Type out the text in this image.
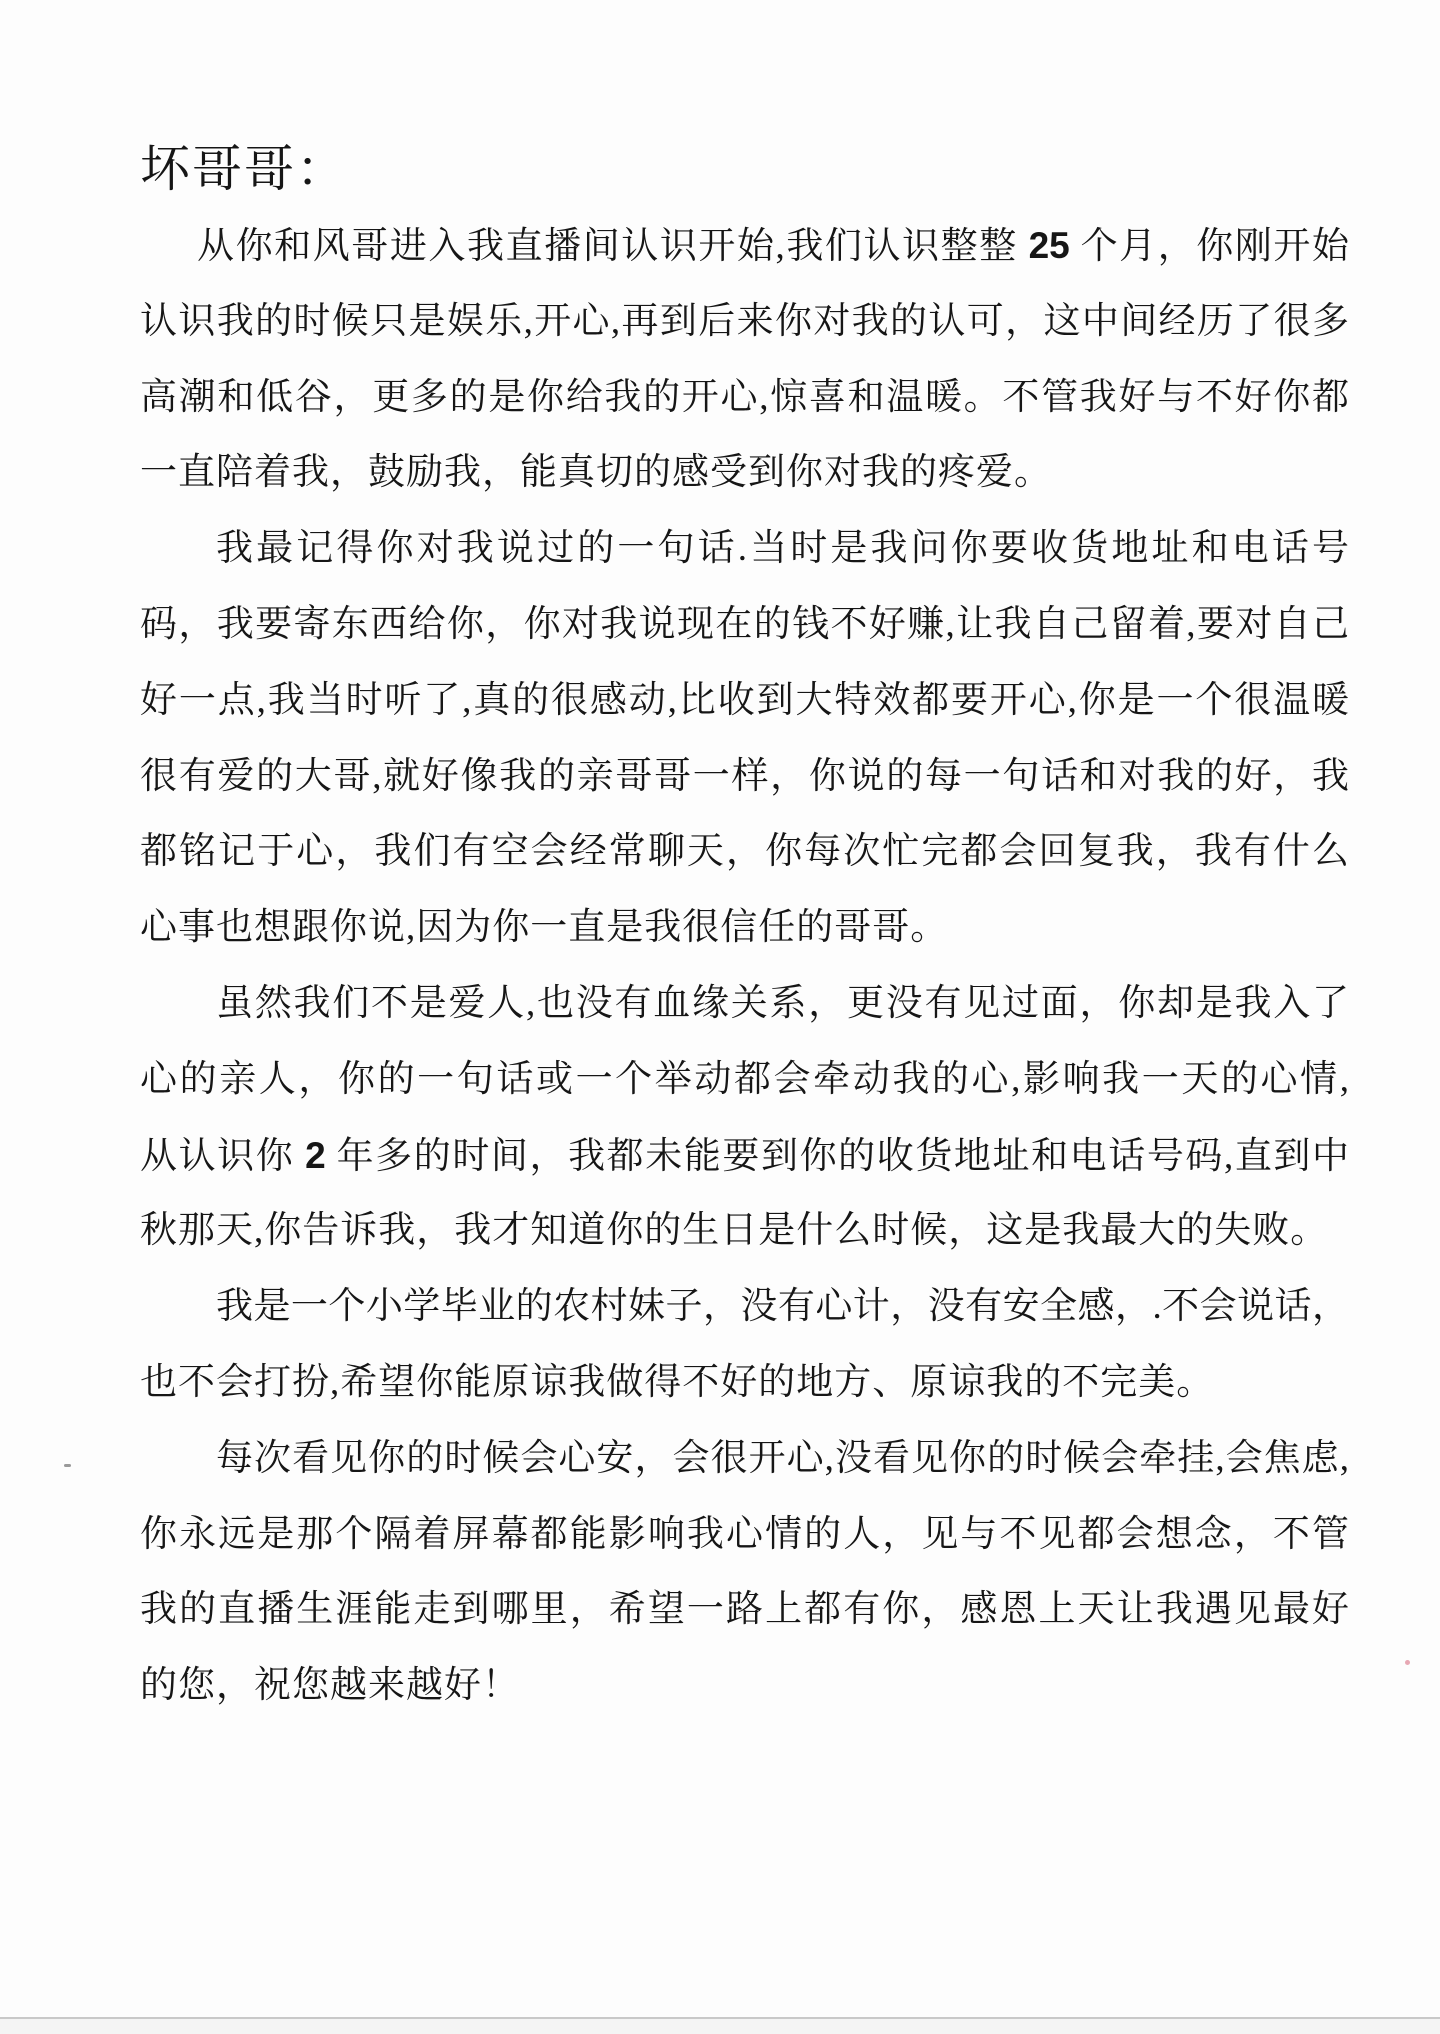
坏哥哥：
从你和风哥进入我直播间认识开始,我们认识整整 25 个月，你刚开始
认识我的时候只是娱乐,开心,再到后来你对我的认可，这中间经历了很多
高潮和低谷，更多的是你给我的开心,惊喜和温暖。不管我好与不好你都
一直陪着我，鼓励我，能真切的感受到你对我的疼爱。
我最记得你对我说过的一句话.当时是我问你要收货地址和电话号
码，我要寄东西给你，你对我说现在的钱不好赚,让我自己留着,要对自己
好一点,我当时听了,真的很感动,比收到大特效都要开心,你是一个很温暖
很有爱的大哥,就好像我的亲哥哥一样，你说的每一句话和对我的好，我
都铭记于心，我们有空会经常聊天，你每次忙完都会回复我，我有什么
心事也想跟你说,因为你一直是我很信任的哥哥。
虽然我们不是爱人,也没有血缘关系，更没有见过面，你却是我入了
心的亲人，你的一句话或一个举动都会牵动我的心,影响我一天的心情,
从认识你 2 年多的时间，我都未能要到你的收货地址和电话号码,直到中
秋那天,你告诉我，我才知道你的生日是什么时候，这是我最大的失败。
我是一个小学毕业的农村妹子，没有心计，没有安全感，.不会说话，
也不会打扮,希望你能原谅我做得不好的地方、原谅我的不完美。
每次看见你的时候会心安，会很开心,没看见你的时候会牵挂,会焦虑,
你永远是那个隔着屏幕都能影响我心情的人，见与不见都会想念，不管
我的直播生涯能走到哪里，希望一路上都有你，感恩上天让我遇见最好
的您，祝您越来越好！
